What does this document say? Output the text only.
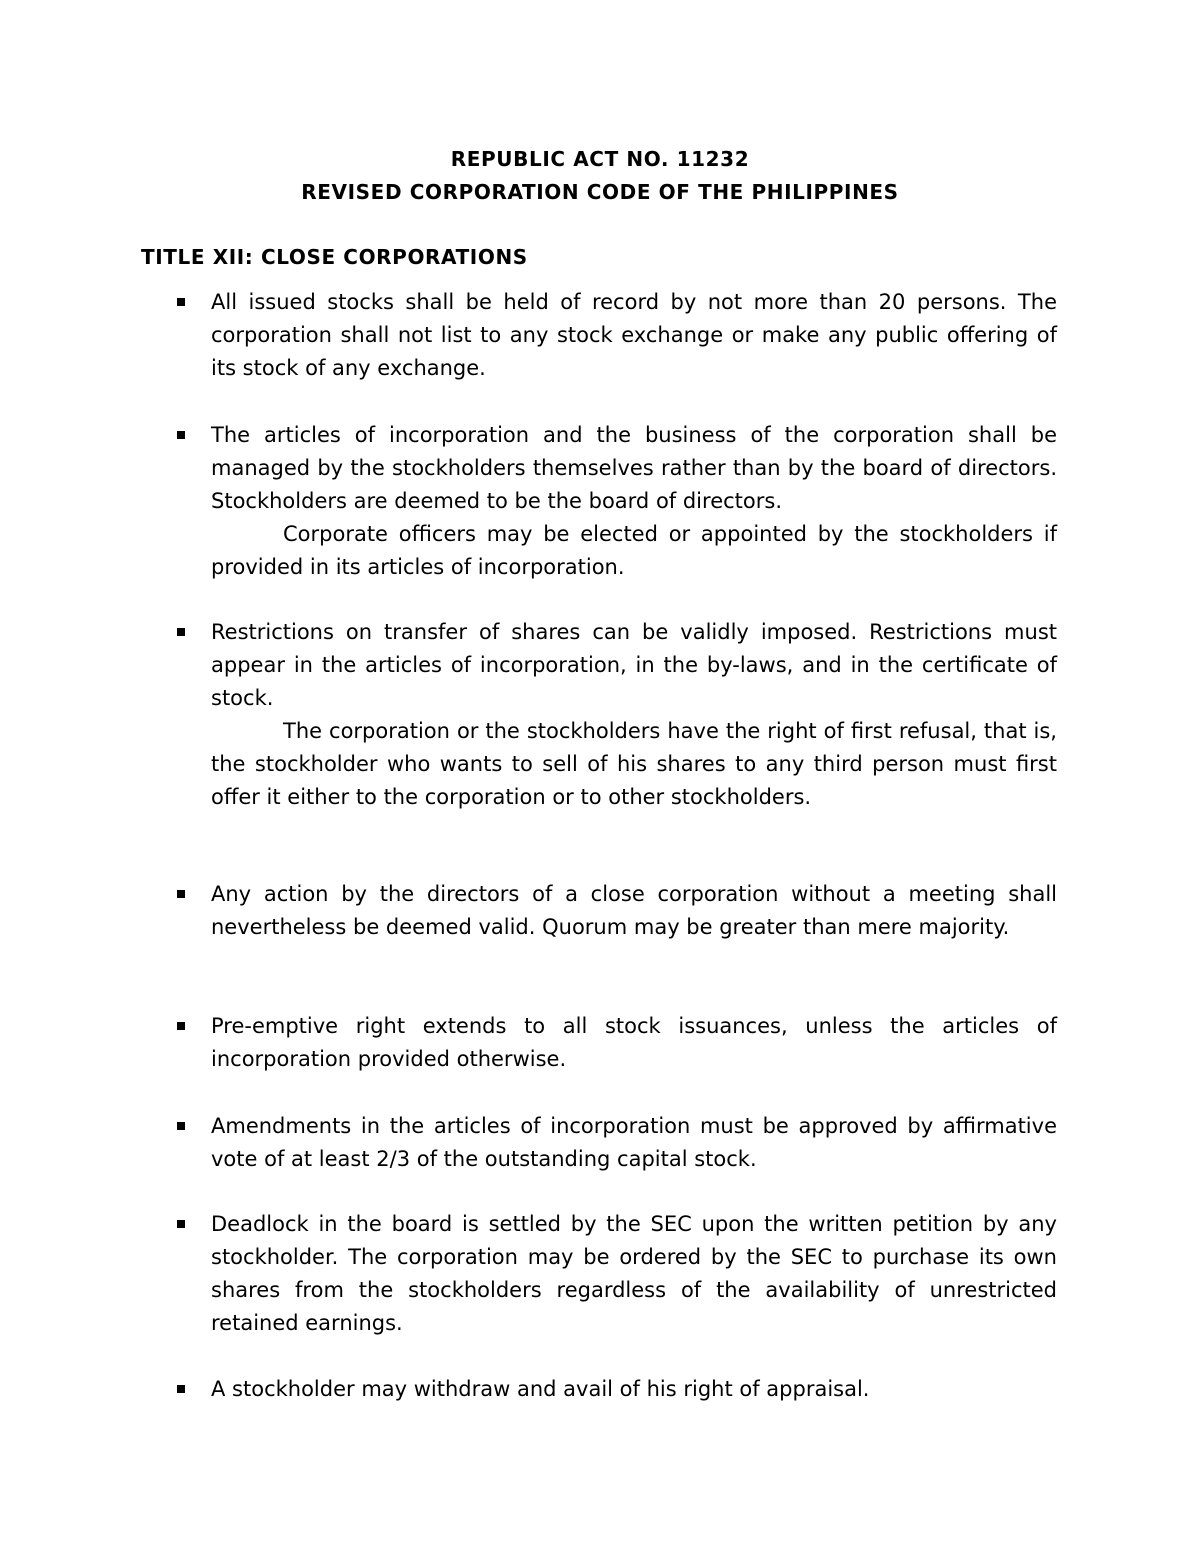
REPUBLIC ACT NO. 11232
REVISED CORPORATION CODE OF THE PHILIPPINES
TITLE XII: CLOSE CORPORATIONS

All issued stocks shall be held of record by not more than 20 persons. The corporation shall not list to any stock exchange or make any public offering of its stock of any exchange.

The articles of incorporation and the business of the corporation shall be managed by the stockholders themselves rather than by the board of directors. Stockholders are deemed to be the board of directors.

Corporate officers may be elected or appointed by the stockholders if provided in its articles of incorporation.

Restrictions on transfer of shares can be validly imposed. Restrictions must appear in the articles of incorporation, in the by-laws, and in the certificate of stock.

The corporation or the stockholders have the right of first refusal, that is, the stockholder who wants to sell of his shares to any third person must first offer it either to the corporation or to other stockholders.

Any action by the directors of a close corporation without a meeting shall nevertheless be deemed valid. Quorum may be greater than mere majority.

Pre-emptive right extends to all stock issuances, unless the articles of incorporation provided otherwise.

Amendments in the articles of incorporation must be approved by affirmative vote of at least 2/3 of the outstanding capital stock.

Deadlock in the board is settled by the SEC upon the written petition by any stockholder. The corporation may be ordered by the SEC to purchase its own shares from the stockholders regardless of the availability of unrestricted retained earnings.

A stockholder may withdraw and avail of his right of appraisal.
